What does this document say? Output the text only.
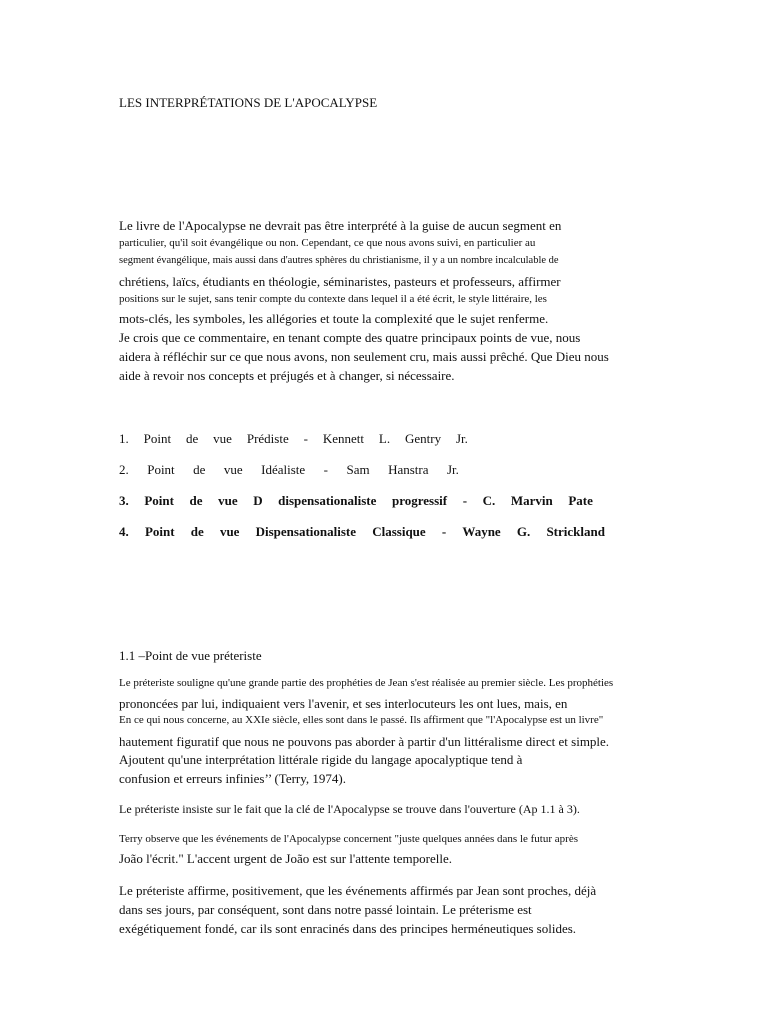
LES INTERPRÉTATIONS DE L'APOCALYPSE
Le livre de l'Apocalypse ne devrait pas être interprété à la guise de aucun segment en
particulier, qu'il soit évangélique ou non. Cependant, ce que nous avons suivi, en particulier au
segment évangélique, mais aussi dans d'autres sphères du christianisme, il y a un nombre incalculable de
chrétiens, laïcs, étudiants en théologie, séminaristes, pasteurs et professeurs, affirmer
positions sur le sujet, sans tenir compte du contexte dans lequel il a été écrit, le style littéraire, les
mots-clés, les symboles, les allégories et toute la complexité que le sujet renferme.
Je crois que ce commentaire, en tenant compte des quatre principaux points de vue, nous
aidera à réfléchir sur ce que nous avons, non seulement cru, mais aussi prêché. Que Dieu nous
aide à revoir nos concepts et préjugés et à changer, si nécessaire.
1. Point de vue Prédiste - Kennett L. Gentry Jr.
2. Point de vue Idéaliste - Sam Hanstra Jr.
3. Point de vue D dispensationaliste progressif - C. Marvin Pate
4. Point de vue Dispensationaliste Classique - Wayne G. Strickland
1.1 –Point de vue préteriste
Le préteriste souligne qu'une grande partie des prophéties de Jean s'est réalisée au premier siècle. Les prophéties
prononcées par lui, indiquaient vers l'avenir, et ses interlocuteurs les ont lues, mais, en
En ce qui nous concerne, au XXIe siècle, elles sont dans le passé. Ils affirment que "l'Apocalypse est un livre"
hautement figuratif que nous ne pouvons pas aborder à partir d'un littéralisme direct et simple.
Ajoutent qu'une interprétation littérale rigide du langage apocalyptique tend à
confusion et erreurs infinies’’ (Terry, 1974).
Le préteriste insiste sur le fait que la clé de l'Apocalypse se trouve dans l'ouverture (Ap 1.1 à 3).
Terry observe que les événements de l'Apocalypse concernent "juste quelques années dans le futur après
João l'écrit." L'accent urgent de João est sur l'attente temporelle.
Le préteriste affirme, positivement, que les événements affirmés par Jean sont proches, déjà
dans ses jours, par conséquent, sont dans notre passé lointain. Le préterisme est
exégétiquement fondé, car ils sont enracinés dans des principes herméneutiques solides.
